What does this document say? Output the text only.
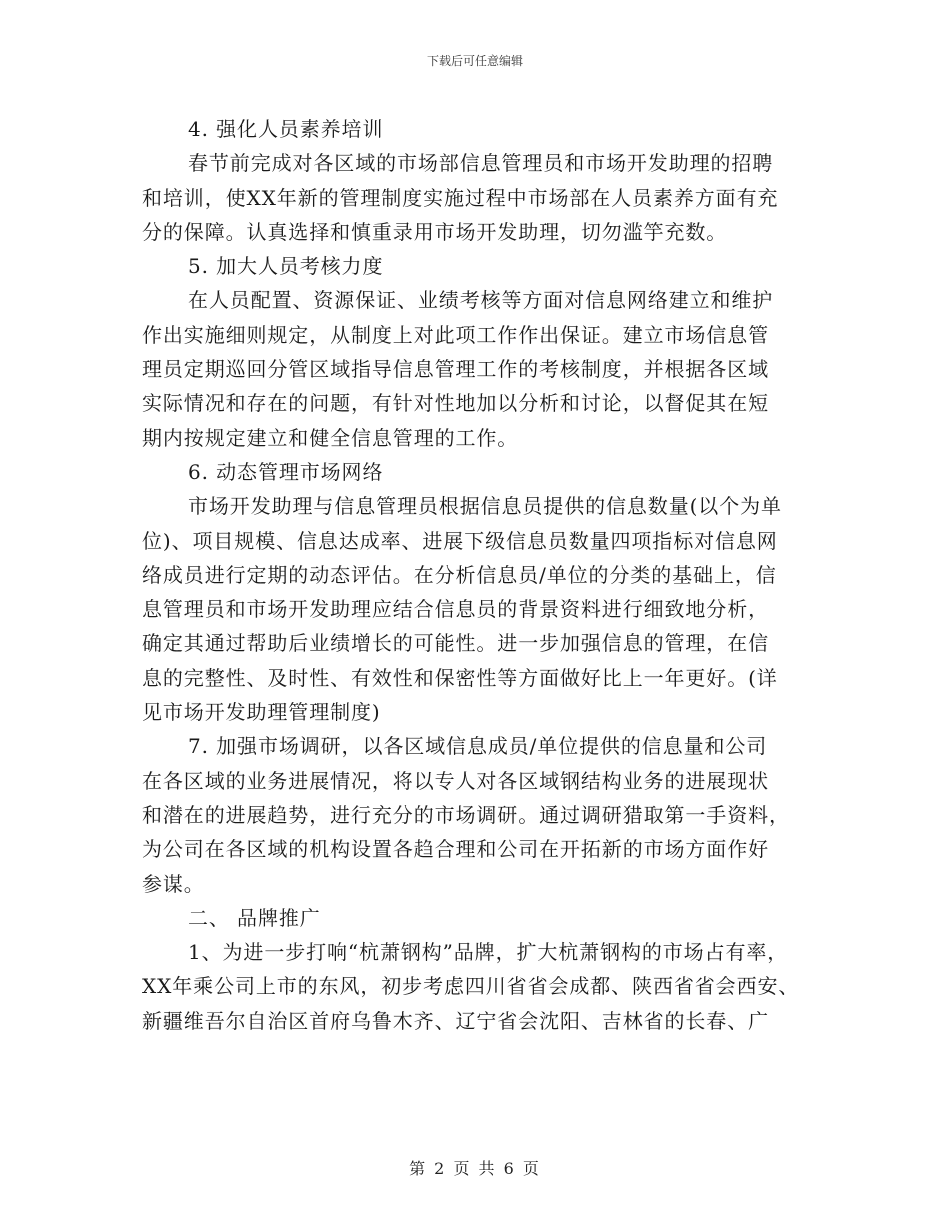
下载后可任意编辑
4. 强化人员素养培训
春节前完成对各区域的市场部信息管理员和市场开发助理的招聘
和培训，使XX年新的管理制度实施过程中市场部在人员素养方面有充
分的保障。认真选择和慎重录用市场开发助理，切勿滥竽充数。
5. 加大人员考核力度
在人员配置、资源保证、业绩考核等方面对信息网络建立和维护
作出实施细则规定，从制度上对此项工作作出保证。建立市场信息管
理员定期巡回分管区域指导信息管理工作的考核制度，并根据各区域
实际情况和存在的问题，有针对性地加以分析和讨论，以督促其在短
期内按规定建立和健全信息管理的工作。
6. 动态管理市场网络
市场开发助理与信息管理员根据信息员提供的信息数量(以个为单
位)、项目规模、信息达成率、进展下级信息员数量四项指标对信息网
络成员进行定期的动态评估。在分析信息员/单位的分类的基础上，信
息管理员和市场开发助理应结合信息员的背景资料进行细致地分析，
确定其通过帮助后业绩增长的可能性。进一步加强信息的管理，在信
息的完整性、及时性、有效性和保密性等方面做好比上一年更好。(详
见市场开发助理管理制度)
7. 加强市场调研，以各区域信息成员/单位提供的信息量和公司
在各区域的业务进展情况，将以专人对各区域钢结构业务的进展现状
和潜在的进展趋势，进行充分的市场调研。通过调研猎取第一手资料，
为公司在各区域的机构设置各趋合理和公司在开拓新的市场方面作好
参谋。
二、 品牌推广
1、为进一步打响“杭萧钢构”品牌，扩大杭萧钢构的市场占有率，
XX年乘公司上市的东风，初步考虑四川省省会成都、陕西省省会西安、
新疆维吾尔自治区首府乌鲁木齐、辽宁省会沈阳、吉林省的长春、广
第 2 页 共 6 页
